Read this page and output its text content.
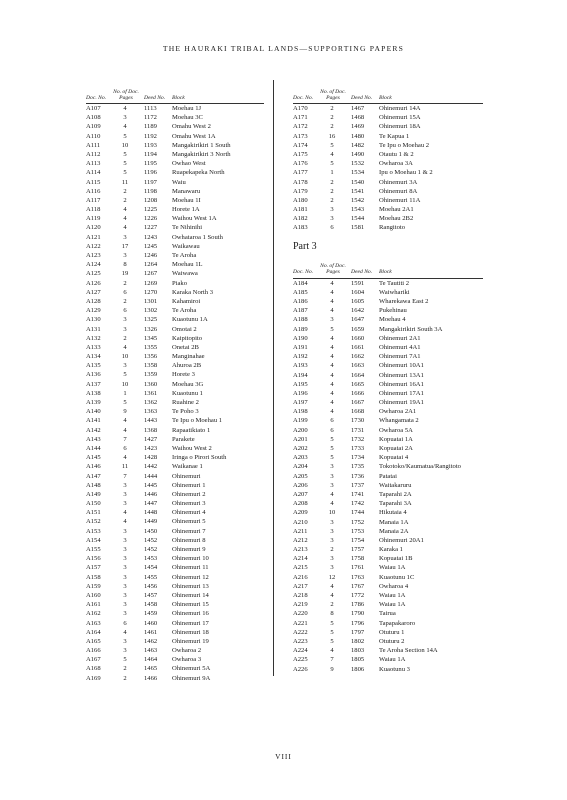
THE HAURAKI TRIBAL LANDS—SUPPORTING PAPERS
Doc. No.
No. of Doc. Pages	Deed No. Block
A107	4	1113 Moehau 1J
A108	3	1172 Moehau 3C
A109	4	1189 Omahu West 2
A110	5	1192 Omahu West 1A
A111	10	1193 Mangakirikiri 1 South
A112	5	1194 Mangakirikiri 3 North
A113	5	1195 Owhao West
A114	5	1196 Ruapekapeka North
A115	11	1197 Waiu
A116	2	1198 Manawaru
A117	2	1208 Moehau 1I
A118	4	1225 Horete 1A
A119	4	1226 Waihou West 1A
A120	4	1227 Te Nihinihi
A121	3	1243 Owhataroa 1 South
A122	17	1245 Waikawau
A123	3	1246 Te Aroha
A124	8	1264 Moehau 1L
A125	19	1267 Waiwawa
A126	2	1269 Piako
A127	6	1270 Karaka North 3
A128	2	1301 Kahamiroi
A129	6	1302 Te Aroha
A130	3	1325 Kuaotunu 1A
A131	3	1326 Omotai 2
A132	2	1345 Kaipitopito
A133	4	1355 Onetai 2B
A134	10	1356 Manginahae
A135	3	1358 Ahuroa 2B
A136	5	1359 Horete 3
A137	10	1360 Moehau 3G
A138	1	1361 Kuaotunu 1
A139	5	1362 Ruahine 2
A140	9	1363 Te Poho 3
A141	4	1443 Te Ipu o Moehau 1
A142	4	1368 Rapaatikiato 1
A143	7	1427 Parakete
A144	6	1423 Waihou West 2
A145	4	1428 Iringa o Pirori South
A146	11	1442 Waikanae 1
A147	7	1444 Ohinemuri
A148	3	1445 Ohinemuri 1
A149	3	1446 Ohinemuri 2
A150	3	1447 Ohinemuri 3
A151	4	1448 Ohinemuri 4
A152	4	1449 Ohinemuri 5
A153	3	1450 Ohinemuri 7
A154	3	1452 Ohinemuri 8
A155	3	1452 Ohinemuri 9
A156	3	1453 Ohinemuri 10
A157	3	1454 Ohinemuri 11
A158	3	1455 Ohinemuri 12
A159	3	1456 Ohinemuri 13
A160	3	1457 Ohinemuri 14
A161	3	1458 Ohinemuri 15
A162	3	1459 Ohinemuri 16
A163	6	1460 Ohinemuri 17
A164	4	1461 Ohinemuri 18
A165	3	1462 Ohinemuri 19
A166	3	1463 Owharoa 2
A167	5	1464 Owharoa 3
A168	2	1465 Ohinemuri 5A
A169	2	1466 Ohinemuri 9A
Doc. No.
No. of Doc. Pages	Deed No. Block
A170	2	1467 Ohinemuri 14A
A171	2	1468 Ohinemuri 15A
A172	2	1469 Ohinemuri 18A
A173	16	1480 Te Kapua 1
A174	5	1482 Te Ipu o Moehau 2
A175	4	1490 Otautu 1 & 2
A176	5	1532 Owharoa 3A
A177	1	1534 Ipu o Moehau 1 & 2
A178	2	1540 Ohinemuri 3A
A179	2	1541 Ohinemuri 8A
A180	2	1542 Ohinemuri 11A
A181	3	1543 Moehau 2A1
A182	3	1544 Moehau 2B2
A183	6	1581 Rangitoto
Part 3
Doc. No.
No. of Doc. Pages	Deed No. Block
A184	4	1591 Te Tautiti 2
A185	4	1604 Waiwhariki
A186	4	1605 Wharekawa East 2
A187	4	1642 Pukehinau
A188	3	1647 Moehau 4
A189	5	1659 Mangakirikiri South 3A
A190	4	1660 Ohinemuri 2A1
A191	4	1661 Ohinemuri 4A1
A192	4	1662 Ohinemuri 7A1
A193	4	1663 Ohinemuri 10A1
A194	4	1664 Ohinemuri 13A1
A195	4	1665 Ohinemuri 16A1
A196	4	1666 Ohinemuri 17A1
A197	4	1667 Ohinemuri 19A1
A198	4	1668 Owharoa 2A1
A199	6	1730 Whangamata 2
A200	6	1731 Owharoa 5A
A201	5	1732 Kopuatai 1A
A202	5	1733 Kopuatai 2A
A203	5	1734 Kopuatai 4
A204	3	1735 Tokotoko/Kaumatua/Rangitoto
A205	3	1736 Patatai
A206	3	1737 Waitakaruru
A207	4	1741 Taparahi 2A
A208	4	1742 Taparahi 3A
A209	10	1744 Hikutaia 4
A210	3	1752 Manaia 1A
A211	3	1753 Manaia 2A
A212	3	1754 Ohinemuri 20A1
A213	2	1757 Karaka 1
A214	3	1758 Kopuatai 1B
A215	3	1761 Waiau 1A
A216	12	1763 Kuaotunu 1C
A217	4	1767 Owharoa 4
A218	4	1772 Waiau 1A
A219	2	1786 Waiau 1A
A220	8	1790 Tairua
A221	5	1796 Tapapakaroro
A222	5	1797 Otuturu 1
A223	5	1802 Otuturu 2
A224	4	1803 Te Aroha Section 14A
A225	7	1805 Waiau 1A
A226	9	1806 Kuaotunu 3
VIII
